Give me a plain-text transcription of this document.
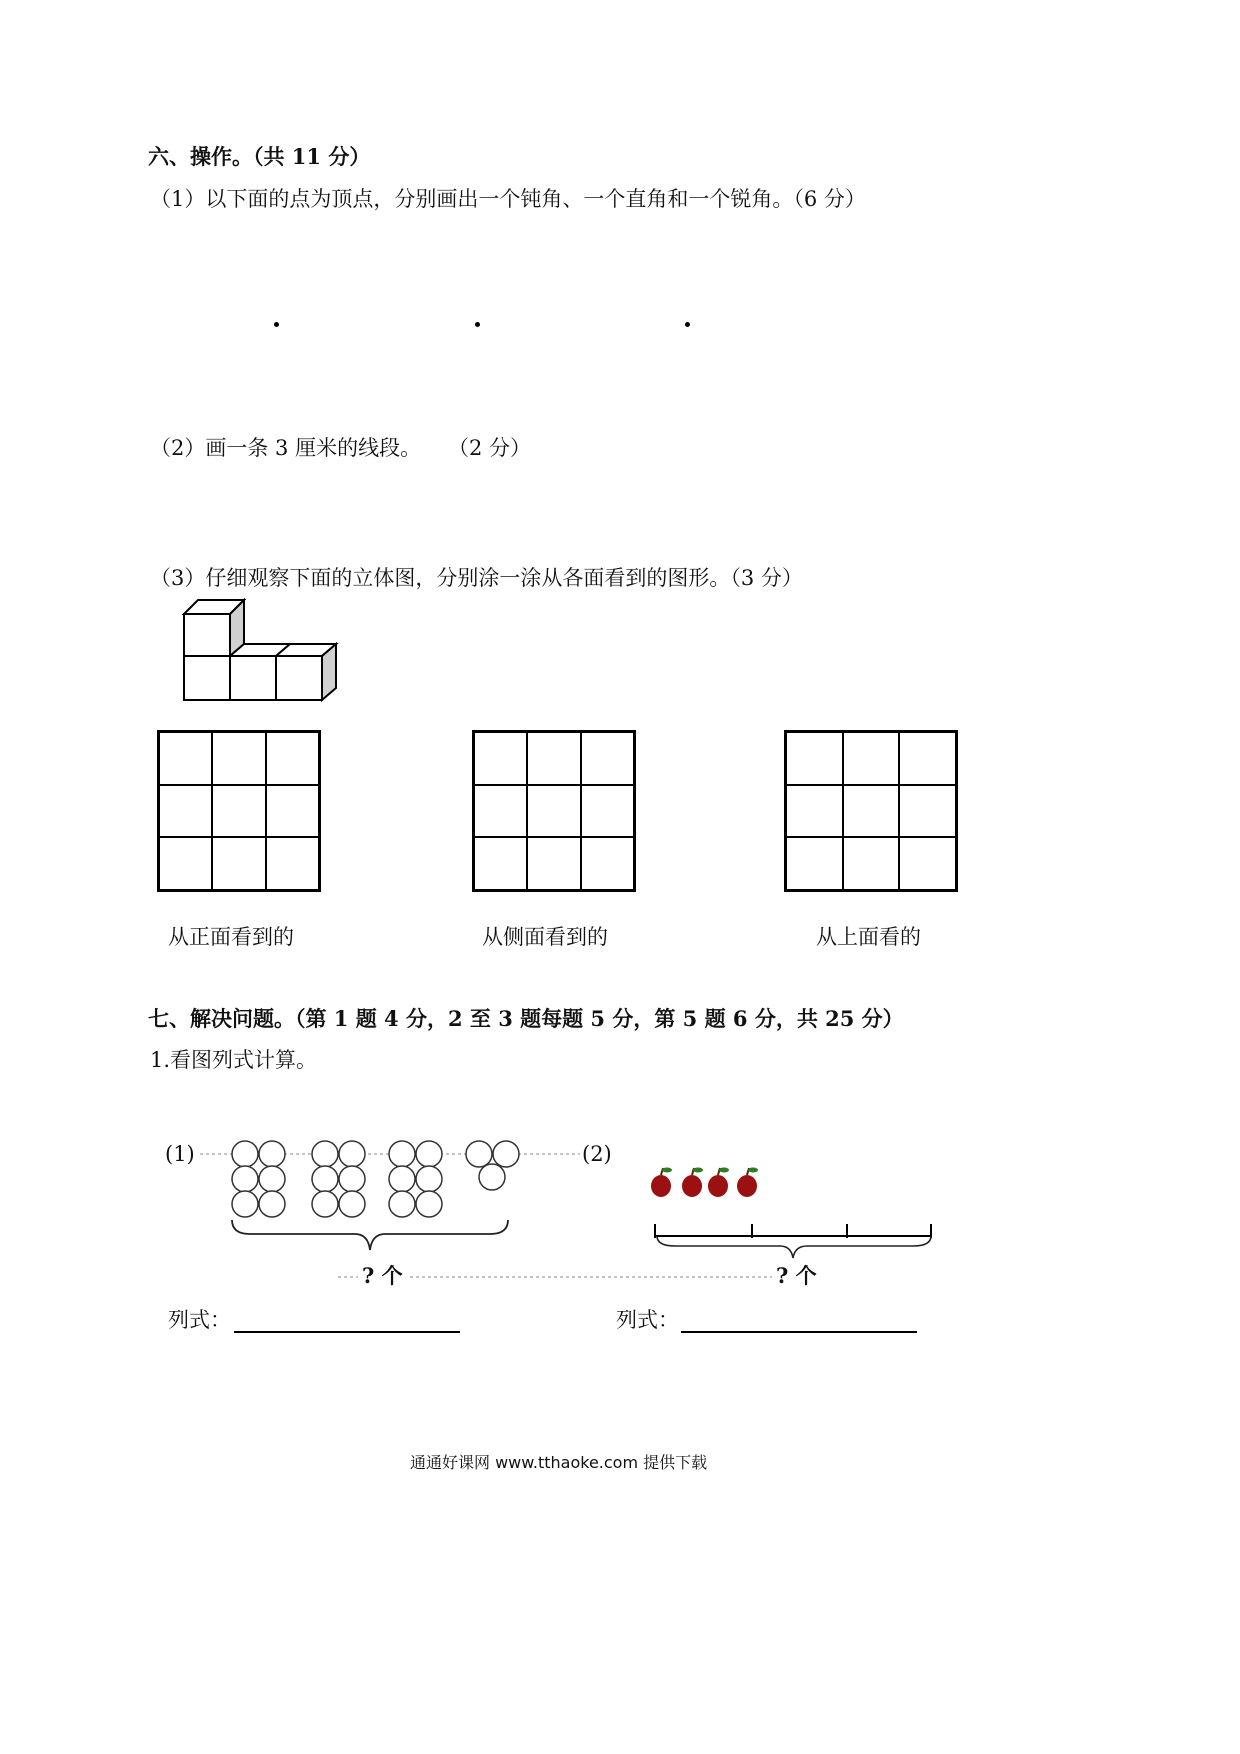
六、操作。（共 11 分）
（1）以下面的点为顶点，分别画出一个钝角、一个直角和一个锐角。（6 分）
（2）画一条 3 厘米的线段。 （2 分）
（3）仔细观察下面的立体图，分别涂一涂从各面看到的图形。（3 分）
从正面看到的	从侧面看到的	从上面看的
七、解决问题。（第 1 题 4 分，2 至 3 题每题 5 分，第 5 题 6 分，共 25 分）
1.看图列式计算。
(1)	(2)
? 个	? 个
列式：	列式：
通通好课网 www.tthaoke.com 提供下载
